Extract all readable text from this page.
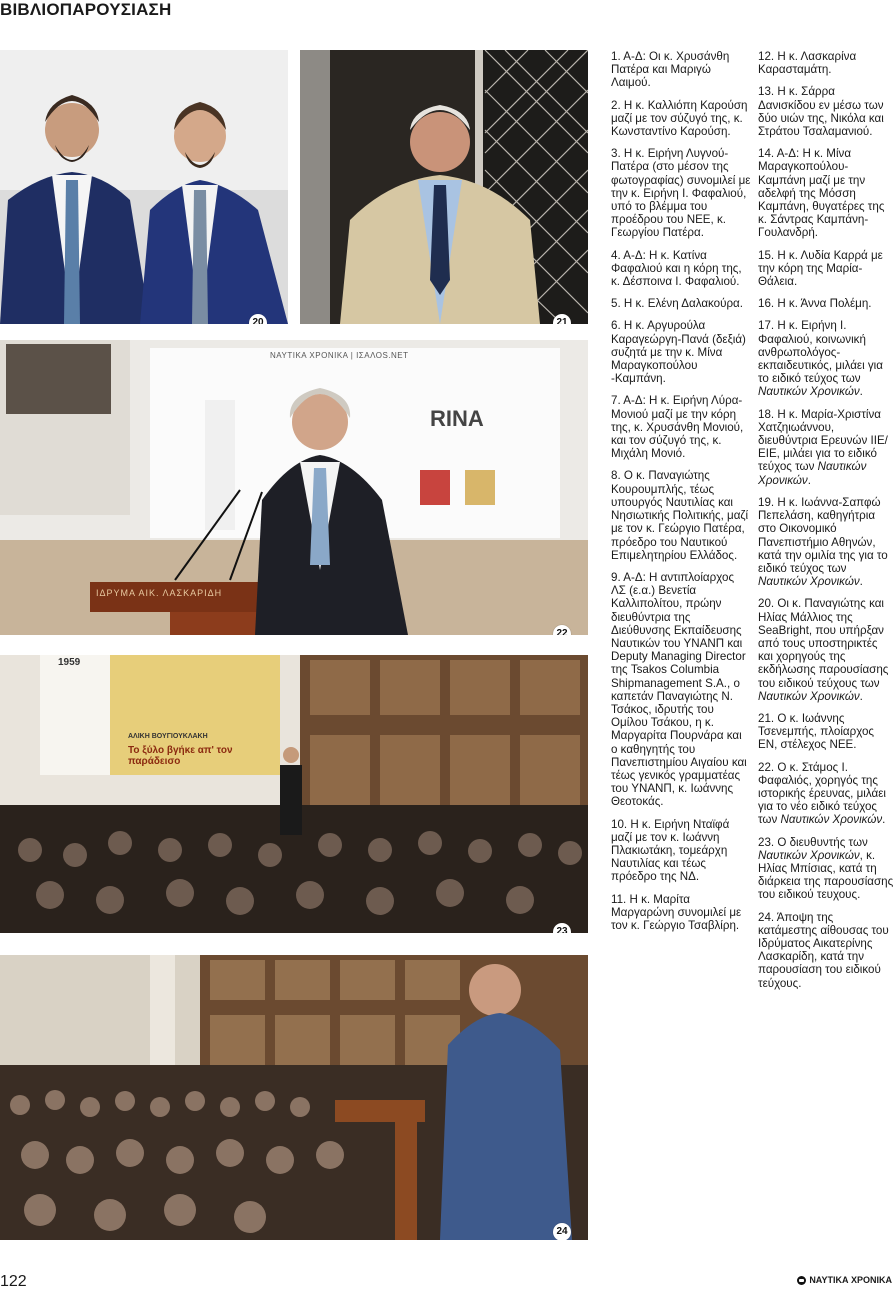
ΒΙΒΛΙΟΠΑΡΟΥΣΙΑΣΗ
20	21
ΝΑΥΤΙΚΑ ΧΡΟΝΙΚΑ | ΙΣΑΛΟS.NET
RINA
ΙΔΡΥΜΑ ΑΙΚ. ΛΑΣΚΑΡΙΔΗ
22
1959
ΑΛΙΚΗ ΒΟΥΓΙΟΥΚΛΑΚΗ
Το ξύλο βγήκε απ' τον παράδεισο
23
24

1. Α-Δ: Οι κ. Χρυσάνθη Πατέρα και Μαριγώ Λαιμού.

2. Η κ. Καλλιόπη Καρούση μαζί με τον σύζυγό της, κ. Κωνσταντίνο Καρούση.

3. Η κ. Ειρήνη Λυγνού-Πατέρα (στο μέσον της φωτογραφίας) συνομιλεί με την κ. Ειρήνη Ι. Φαφαλιού, υπό το βλέμμα του προέδρου του ΝΕΕ, κ. Γεωργίου Πατέρα.

4. Α-Δ: Η κ. Κατίνα Φαφαλιού και η κόρη της, κ. Δέσποινα Ι. Φαφαλιού.

5. Η κ. Ελένη Δαλακούρα.

6. Η κ. Αργυρούλα Καραγεώργη-Πανά (δεξιά) συζητά με την κ. Μίνα Μαραγκοπούλου -Καμπάνη.

7. Α-Δ: Η κ. Ειρήνη Λύρα-Μονιού μαζί με την κόρη της, κ. Χρυσάνθη Μονιού, και τον σύζυγό της, κ. Μιχάλη Μονιό.

8. Ο κ. Παναγιώτης Κουρουμπλής, τέως υπουργός Ναυτιλίας και Νησιωτικής Πολιτικής, μαζί με τον κ. Γεώργιο Πατέρα, πρόεδρο του Ναυτικού Επιμελητηρίου Ελλάδος.

9. Α-Δ: Η αντιπλοίαρχος ΛΣ (ε.α.) Βενετία Καλλιπολίτου, πρώην διευθύντρια της Διεύθυνσης Εκπαίδευσης Ναυτικών του ΥΝΑΝΠ και Deputy Managing Director της Tsakos Columbia Shipmanagement S.A., ο καπετάν Παναγιώτης Ν. Τσάκος, ιδρυτής του Ομίλου Τσάκου, η κ. Μαργαρίτα Πουρνάρα και ο καθηγητής του Πανεπιστημίου Αιγαίου και τέως γενικός γραμματέας του ΥΝΑΝΠ, κ. Ιωάννης Θεοτοκάς.

10. Η κ. Ειρήνη Νταϊφά μαζί με τον κ. Ιωάννη Πλακιωτάκη, τομεάρχη Ναυτιλίας και τέως πρόεδρο της ΝΔ.

11. Η κ. Μαρίτα Μαργαρώνη συνομιλεί με τον κ. Γεώργιο Τσαβλίρη.

12. Η κ. Λασκαρίνα Καρασταμάτη.

13. Η κ. Σάρρα Δανισκίδου εν μέσω των δύο υιών της, Νικόλα και Στράτου Τσαλαμανιού.

14. Α-Δ: Η κ. Μίνα Μαραγκοπούλου-Καμπάνη μαζί με την αδελφή της Μόσση Καμπάνη, θυγατέρες της κ. Σάντρας Καμπάνη-Γουλανδρή.

15. Η κ. Λυδία Καρρά με την κόρη της Μαρία-Θάλεια.

16. Η κ. Άννα Πολέμη.

17. Η κ. Ειρήνη Ι. Φαφαλιού, κοινωνική ανθρωπολόγος-εκπαιδευτικός, μιλάει για το ειδικό τεύχος των Ναυτικών Χρονικών.

18. Η κ. Μαρία-Χριστίνα Χατζηιωάννου, διευθύντρια Ερευνών ΙΙΕ/ΕΙΕ, μιλάει για το ειδικό τεύχος των Ναυτικών Χρονικών.

19. Η κ. Ιωάννα-Σαπφώ Πεπελάση, καθηγήτρια στο Οικονομικό Πανεπιστήμιο Αθηνών, κατά την ομιλία της για το ειδικό τεύχος των Ναυτικών Χρονικών.

20. Οι κ. Παναγιώτης και Ηλίας Μάλλιος της SeaBright, που υπήρξαν από τους υποστηρικτές και χορηγούς της εκδήλωσης παρουσίασης του ειδικού τεύχους των Ναυτικών Χρονικών.

21. Ο κ. Ιωάννης Τσενεμπής, πλοίαρχος ΕΝ, στέλεχος ΝΕΕ.

22. Ο κ. Στάμος Ι. Φαφαλιός, χορηγός της ιστορικής έρευνας, μιλάει για το νέο ειδικό τεύχος των Ναυτικών Χρονικών.

23. Ο διευθυντής των Ναυτικών Χρονικών, κ. Ηλίας Μπίσιας, κατά τη διάρκεια της παρουσίασης του ειδικού τευχους.

24. Άποψη της κατάμεστης αίθουσας του Ιδρύματος Αικατερίνης Λασκαρίδη, κατά την παρουσίαση του ειδικού τεύχους.

122	ΝΑΥΤΙΚΑ ΧΡΟΝΙΚΑ
